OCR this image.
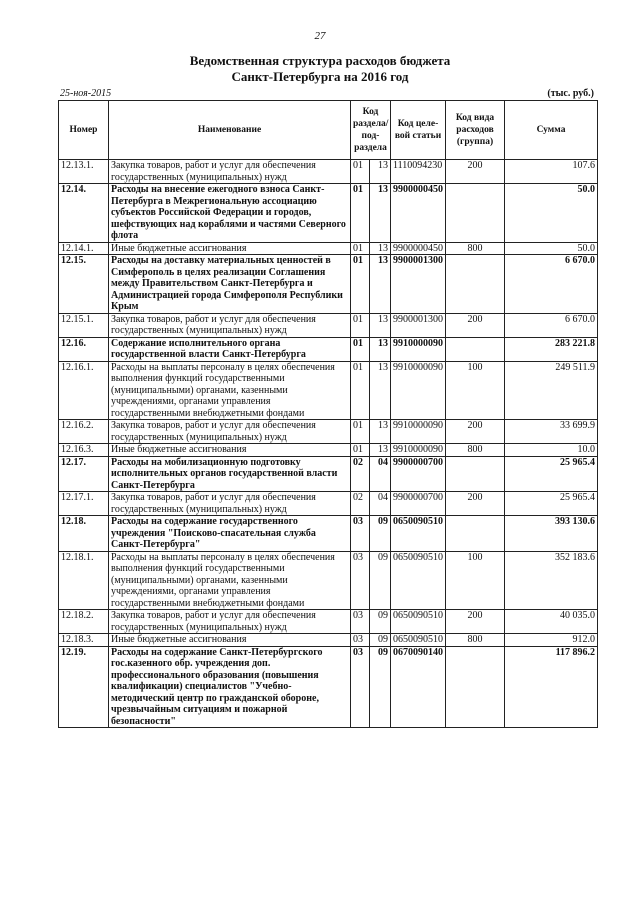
27
Ведомственная структура расходов бюджета
Санкт-Петербурга на 2016 год
25-ноя-2015	(тыс. руб.)
Номер	Наименование	Код раздела/ под- раздела		Код целе- вой статьи	Код вида расходов (группа)	Сумма
12.13.1.	Закупка товаров, работ и услуг для обеспечения государственных (муниципальных) нужд	01	13	1110094230	200	107.6
12.14.	Расходы на внесение ежегодного взноса Санкт-Петербурга в Межрегиональную ассоциацию субъектов Российской Федерации и городов, шефствующих над кораблями и частями Северного флота	01	13	9900000450		50.0
12.14.1.	Иные бюджетные ассигнования	01	13	9900000450	800	50.0
12.15.	Расходы на доставку материальных ценностей в Симферополь в целях реализации Соглашения между Правительством Санкт-Петербурга и Администрацией города Симферополя Республики Крым	01	13	9900001300		6 670.0
12.15.1.	Закупка товаров, работ и услуг для обеспечения государственных (муниципальных) нужд	01	13	9900001300	200	6 670.0
12.16.	Содержание исполнительного органа государственной власти Санкт-Петербурга	01	13	9910000090		283 221.8
12.16.1.	Расходы на выплаты персоналу в целях обеспечения выполнения функций государственными (муниципальными) органами, казенными учреждениями, органами управления государственными внебюджетными фондами	01	13	9910000090	100	249 511.9
12.16.2.	Закупка товаров, работ и услуг для обеспечения государственных (муниципальных) нужд	01	13	9910000090	200	33 699.9
12.16.3.	Иные бюджетные ассигнования	01	13	9910000090	800	10.0
12.17.	Расходы на мобилизационную подготовку исполнительных органов государственной власти Санкт-Петербурга	02	04	9900000700		25 965.4
12.17.1.	Закупка товаров, работ и услуг для обеспечения государственных (муниципальных) нужд	02	04	9900000700	200	25 965.4
12.18.	Расходы на содержание государственного учреждения "Поисково-спасательная служба Санкт-Петербурга"	03	09	0650090510		393 130.6
12.18.1.	Расходы на выплаты персоналу в целях обеспечения выполнения функций государственными (муниципальными) органами, казенными учреждениями, органами управления государственными внебюджетными фондами	03	09	0650090510	100	352 183.6
12.18.2.	Закупка товаров, работ и услуг для обеспечения государственных (муниципальных) нужд	03	09	0650090510	200	40 035.0
12.18.3.	Иные бюджетные ассигнования	03	09	0650090510	800	912.0
12.19.	Расходы на содержание Санкт-Петербургского гос.казенного обр. учреждения доп. профессионального образования (повышения квалификации) специалистов "Учебно-методический центр по гражданской обороне, чрезвычайным ситуациям и пожарной безопасности"	03	09	0670090140		117 896.2
